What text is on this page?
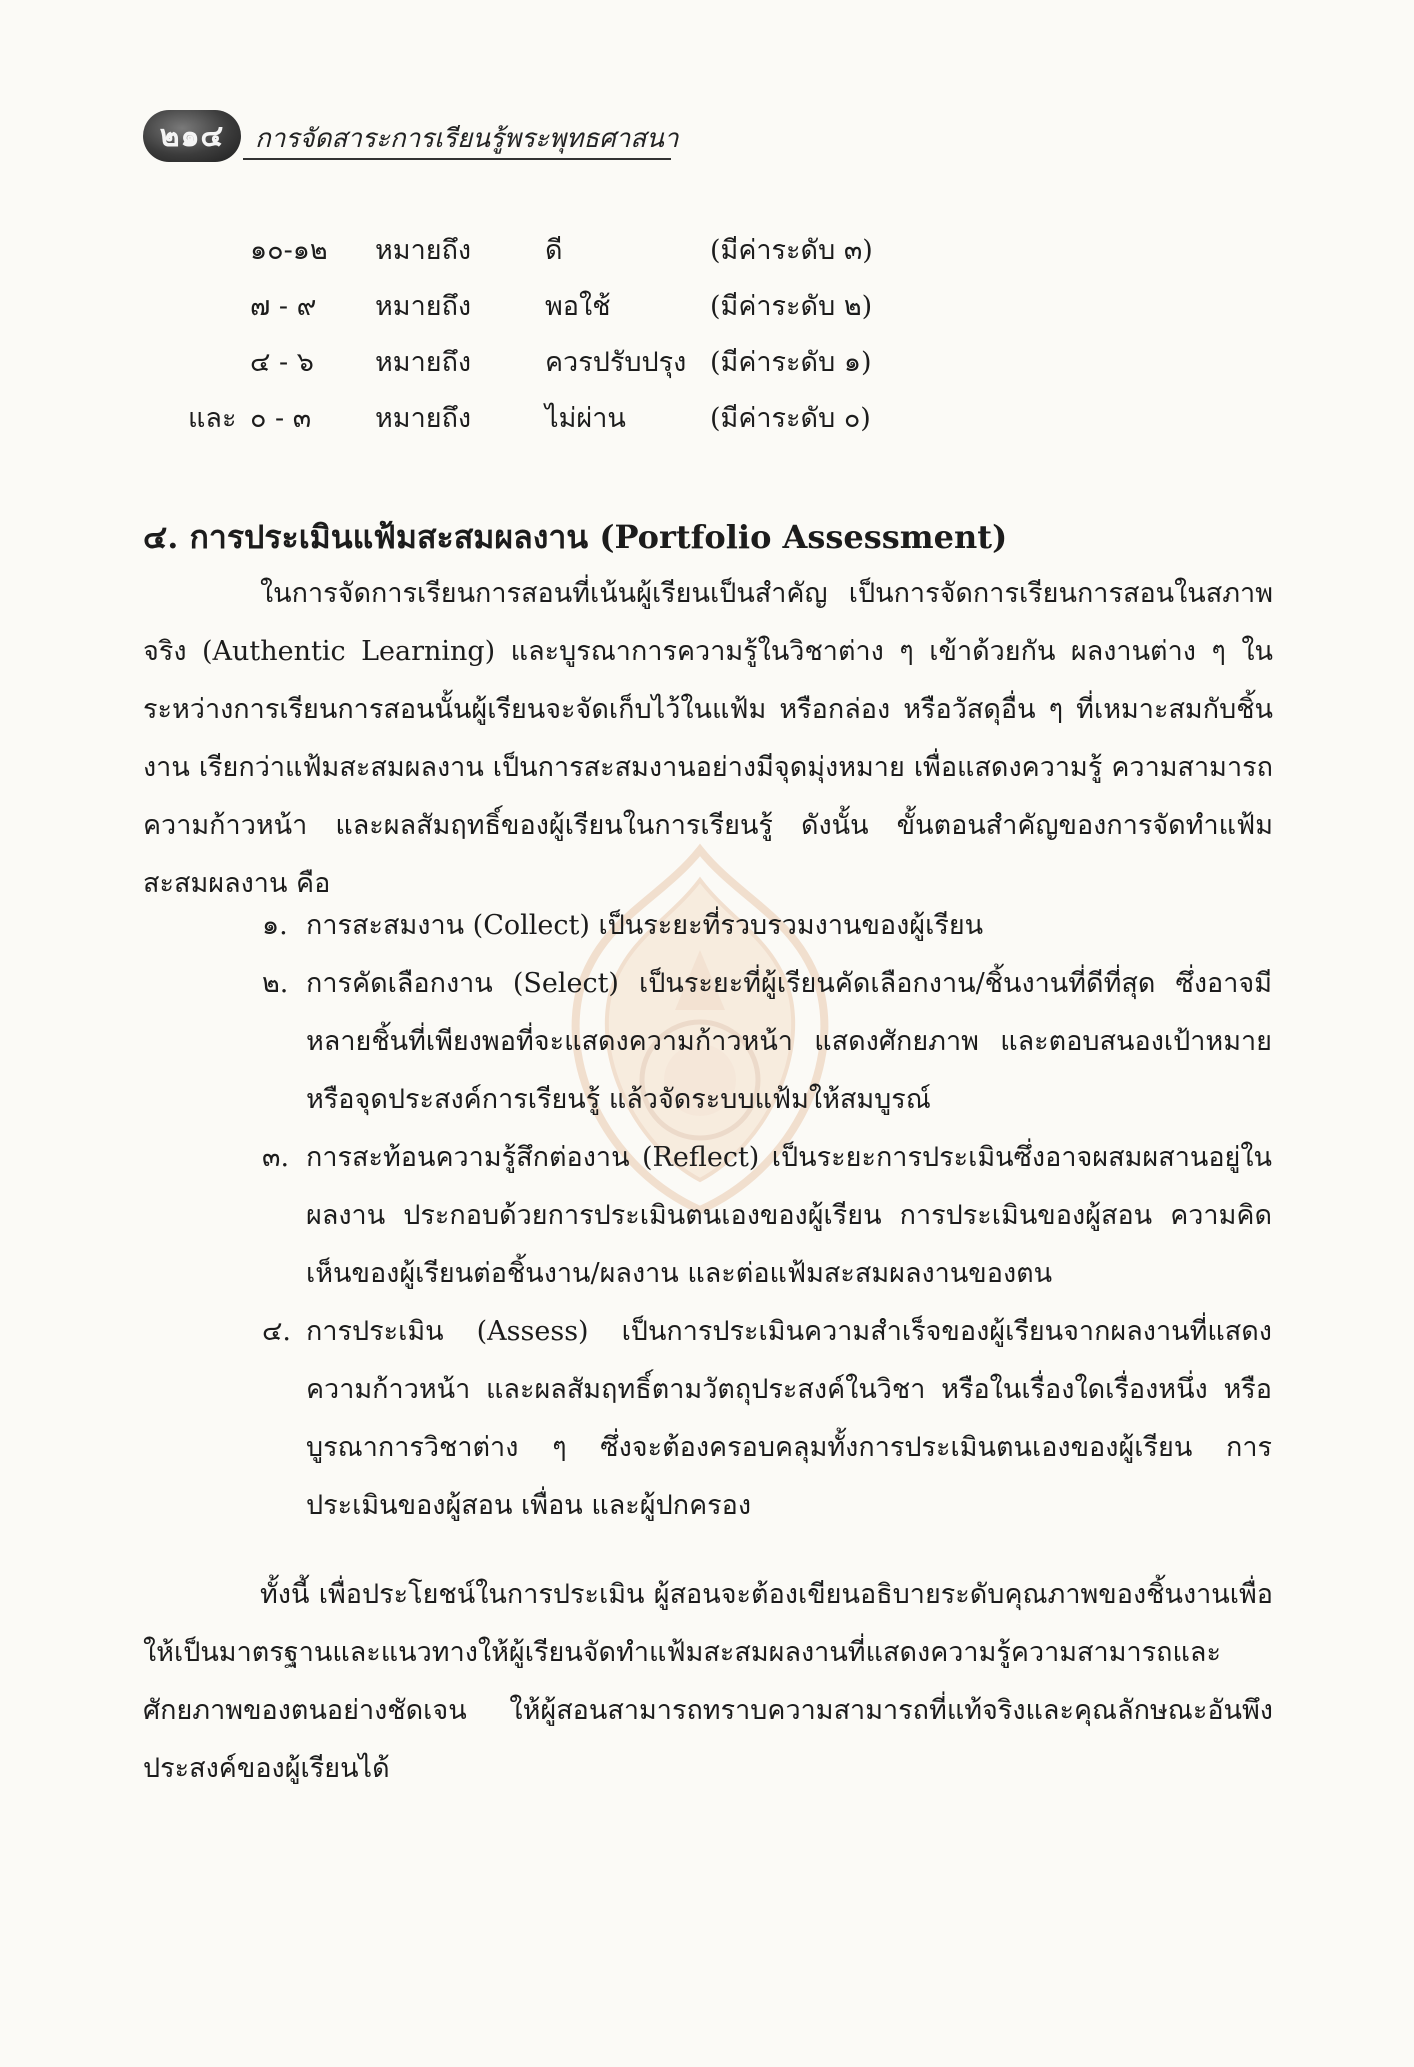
๒๑๔	การจัดสาระการเรียนรู้พระพุทธศาสนา
๑๐-๑๒ หมายถึง	ดี	(มีค่าระดับ ๓)
๗ - ๙ หมายถึง	พอใช้	(มีค่าระดับ ๒)
๔ - ๖ หมายถึง	ควรปรับปรุง (มีค่าระดับ ๑)
และ ๐ - ๓ หมายถึง	ไม่ผ่าน	(มีค่าระดับ ๐)
๔. การประเมินแฟ้มสะสมผลงาน (Portfolio Assessment)
ในการจัดการเรียนการสอนที่เน้นผู้เรียนเป็นสำคัญ เป็นการจัดการเรียนการสอนในสภาพจริง (Authentic Learning) และบูรณาการความรู้ในวิชาต่าง ๆ เข้าด้วยกัน ผลงานต่าง ๆ ในระหว่างการเรียนการสอนนั้นผู้เรียนจะจัดเก็บไว้ในแฟ้ม หรือกล่อง หรือวัสดุอื่น ๆ ที่เหมาะสมกับชิ้นงาน เรียกว่าแฟ้มสะสมผลงาน เป็นการสะสมงานอย่างมีจุดมุ่งหมาย เพื่อแสดงความรู้ ความสามารถ ความก้าวหน้า และผลสัมฤทธิ์ของผู้เรียนในการเรียนรู้ ดังนั้น ขั้นตอนสำคัญของการจัดทำแฟ้มสะสมผลงาน คือ
๑. การสะสมงาน (Collect) เป็นระยะที่รวบรวมงานของผู้เรียน
๒. การคัดเลือกงาน (Select) เป็นระยะที่ผู้เรียนคัดเลือกงาน/ชิ้นงานที่ดีที่สุด ซึ่งอาจมีหลายชิ้นที่เพียงพอที่จะแสดงความก้าวหน้า แสดงศักยภาพ และตอบสนองเป้าหมายหรือจุดประสงค์การเรียนรู้ แล้วจัดระบบแฟ้มให้สมบูรณ์
๓. การสะท้อนความรู้สึกต่องาน (Reflect) เป็นระยะการประเมินซึ่งอาจผสมผสานอยู่ในผลงาน ประกอบด้วยการประเมินตนเองของผู้เรียน การประเมินของผู้สอน ความคิดเห็นของผู้เรียนต่อชิ้นงาน/ผลงาน และต่อแฟ้มสะสมผลงานของตน
๔. การประเมิน (Assess) เป็นการประเมินความสำเร็จของผู้เรียนจากผลงานที่แสดงความก้าวหน้า และผลสัมฤทธิ์ตามวัตถุประสงค์ในวิชา หรือในเรื่องใดเรื่องหนึ่ง หรือบูรณาการวิชาต่าง ๆ ซึ่งจะต้องครอบคลุมทั้งการประเมินตนเองของผู้เรียน การประเมินของผู้สอน เพื่อน และผู้ปกครอง
ทั้งนี้ เพื่อประโยชน์ในการประเมิน ผู้สอนจะต้องเขียนอธิบายระดับคุณภาพของชิ้นงานเพื่อให้เป็นมาตรฐานและแนวทางให้ผู้เรียนจัดทำแฟ้มสะสมผลงานที่แสดงความรู้ความสามารถและศักยภาพของตนอย่างชัดเจน ให้ผู้สอนสามารถทราบความสามารถที่แท้จริงและคุณลักษณะอันพึงประสงค์ของผู้เรียนได้
